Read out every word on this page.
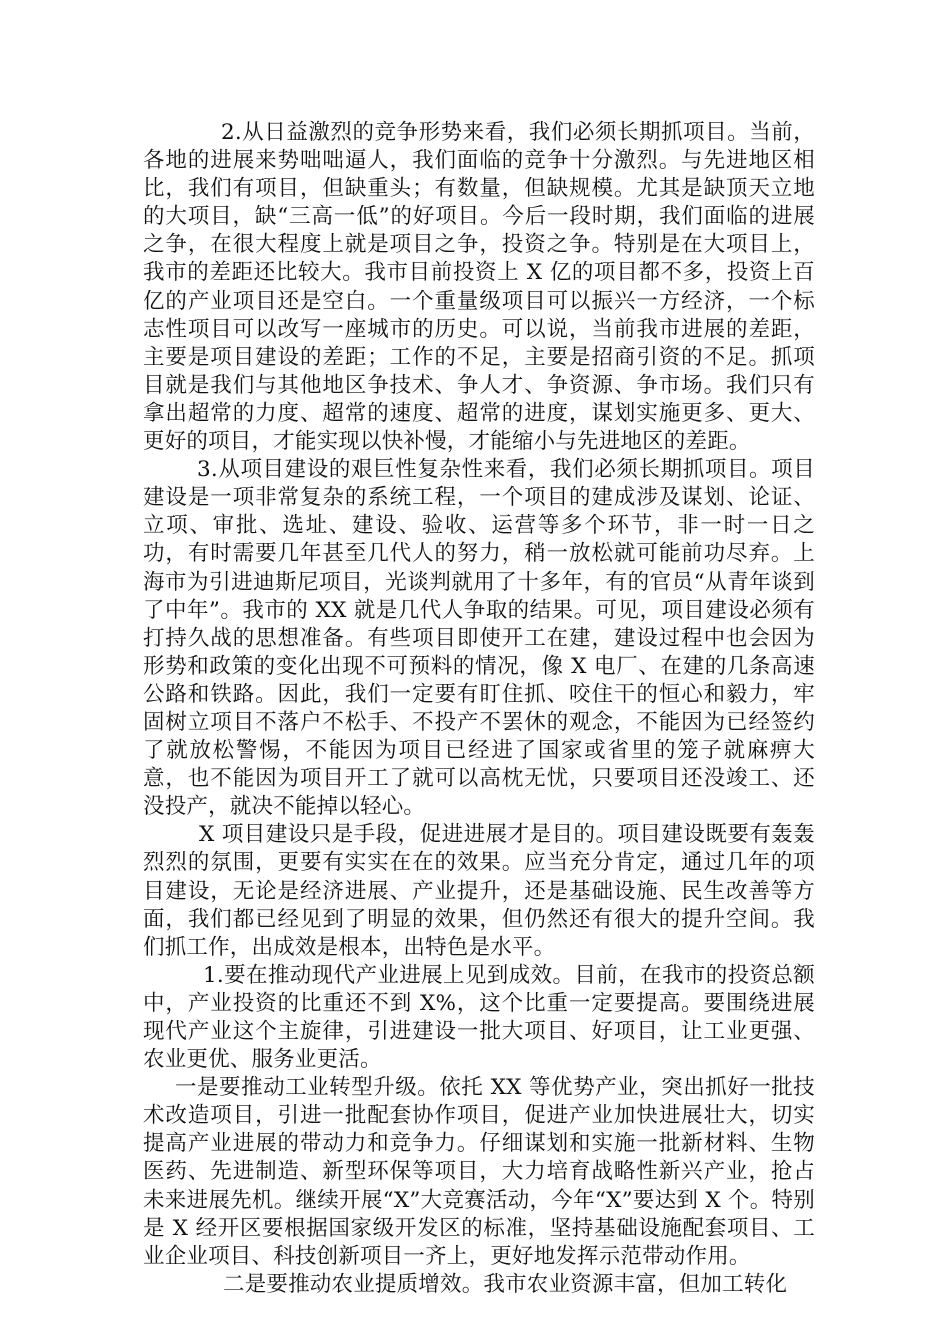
2.从日益激烈的竞争形势来看，我们必须长期抓项目。当前，各地的进展来势咄咄逼人，我们面临的竞争十分激烈。与先进地区相比，我们有项目，但缺重头；有数量，但缺规模。尤其是缺顶天立地的大项目，缺“三高一低”的好项目。今后一段时期，我们面临的进展之争，在很大程度上就是项目之争，投资之争。特别是在大项目上，我市的差距还比较大。我市目前投资上 X 亿的项目都不多，投资上百亿的产业项目还是空白。一个重量级项目可以振兴一方经济，一个标志性项目可以改写一座城市的历史。可以说，当前我市进展的差距，主要是项目建设的差距；工作的不足，主要是招商引资的不足。抓项目就是我们与其他地区争技术、争人才、争资源、争市场。我们只有拿出超常的力度、超常的速度、超常的进度，谋划实施更多、更大、更好的项目，才能实现以快补慢，才能缩小与先进地区的差距。

3.从项目建设的艰巨性复杂性来看，我们必须长期抓项目。项目建设是一项非常复杂的系统工程，一个项目的建成涉及谋划、论证、立项、审批、选址、建设、验收、运营等多个环节，非一时一日之功，有时需要几年甚至几代人的努力，稍一放松就可能前功尽弃。上海市为引进迪斯尼项目，光谈判就用了十多年，有的官员“从青年谈到了中年”。我市的 XX 就是几代人争取的结果。可见，项目建设必须有打持久战的思想准备。有些项目即使开工在建，建设过程中也会因为形势和政策的变化出现不可预料的情况，像 X 电厂、在建的几条高速公路和铁路。因此，我们一定要有盯住抓、咬住干的恒心和毅力，牢固树立项目不落户不松手、不投产不罢休的观念，不能因为已经签约了就放松警惕，不能因为项目已经进了国家或省里的笼子就麻痹大意，也不能因为项目开工了就可以高枕无忧，只要项目还没竣工、还没投产，就决不能掉以轻心。

X 项目建设只是手段，促进进展才是目的。项目建设既要有轰轰烈烈的氛围，更要有实实在在的效果。应当充分肯定，通过几年的项目建设，无论是经济进展、产业提升，还是基础设施、民生改善等方面，我们都已经见到了明显的效果，但仍然还有很大的提升空间。我们抓工作，出成效是根本，出特色是水平。

1.要在推动现代产业进展上见到成效。目前，在我市的投资总额中，产业投资的比重还不到 X%，这个比重一定要提高。要围绕进展现代产业这个主旋律，引进建设一批大项目、好项目，让工业更强、农业更优、服务业更活。

一是要推动工业转型升级。依托 XX 等优势产业，突出抓好一批技术改造项目，引进一批配套协作项目，促进产业加快进展壮大，切实提高产业进展的带动力和竞争力。仔细谋划和实施一批新材料、生物医药、先进制造、新型环保等项目，大力培育战略性新兴产业，抢占未来进展先机。继续开展“X”大竞赛活动，今年“X”要达到 X 个。特别是 X 经开区要根据国家级开发区的标准，坚持基础设施配套项目、工业企业项目、科技创新项目一齐上，更好地发挥示范带动作用。

二是要推动农业提质增效。我市农业资源丰富，但加工转化
